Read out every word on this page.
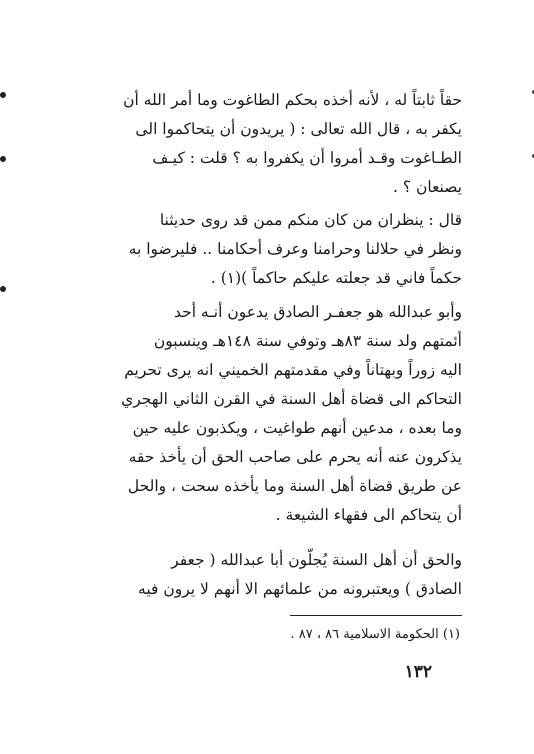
حقاً ثابتاً له ، لأنه أخذه بحكم الطاغوت وما أمر الله أن
يكفر به ، قال الله تعالى : ( يريدون أن يتحاكموا الى
الطـاغوت وقـد أمروا أن يكفروا به ؟ قلت : كيـف
يصنعان ؟ .
قال : ينظران من كان منكم ممن قد روى حديثنا
ونظر في حلالنا وحرامنا وعرف أحكامنا .. فليرضوا به
حكماً فاني قد جعلته عليكم حاكماً )(١) .
وأبو عبدالله هو جعفـر الصادق يدعون أنـه أحد
أئمتهم ولد سنة ٨٣هـ وتوفي سنة ١٤٨هـ وينسبون
اليه زوراً وبهتاناً وفي مقدمتهم الخميني انه يرى تحريم
التحاكم الى قضاة أهل السنة في القرن الثاني الهجري
وما بعده ، مدعين أنهم طواغيت ، ويكذبون عليه حين
يذكرون عنه أنه يحرم على صاحب الحق أن يأخذ حقه
عن طريق قضاة أهل السنة وما يأخذه سحت ، والحل
أن يتحاكم الى فقهاء الشيعة .
والحق أن أهل السنة يُجلّون أبا عبدالله ( جعفر
الصادق ) ويعتبرونه من علمائهم الا أنهم لا يرون فيه
(١) الحكومة الاسلامية ٨٦ ، ٨٧ .
١٣٢
